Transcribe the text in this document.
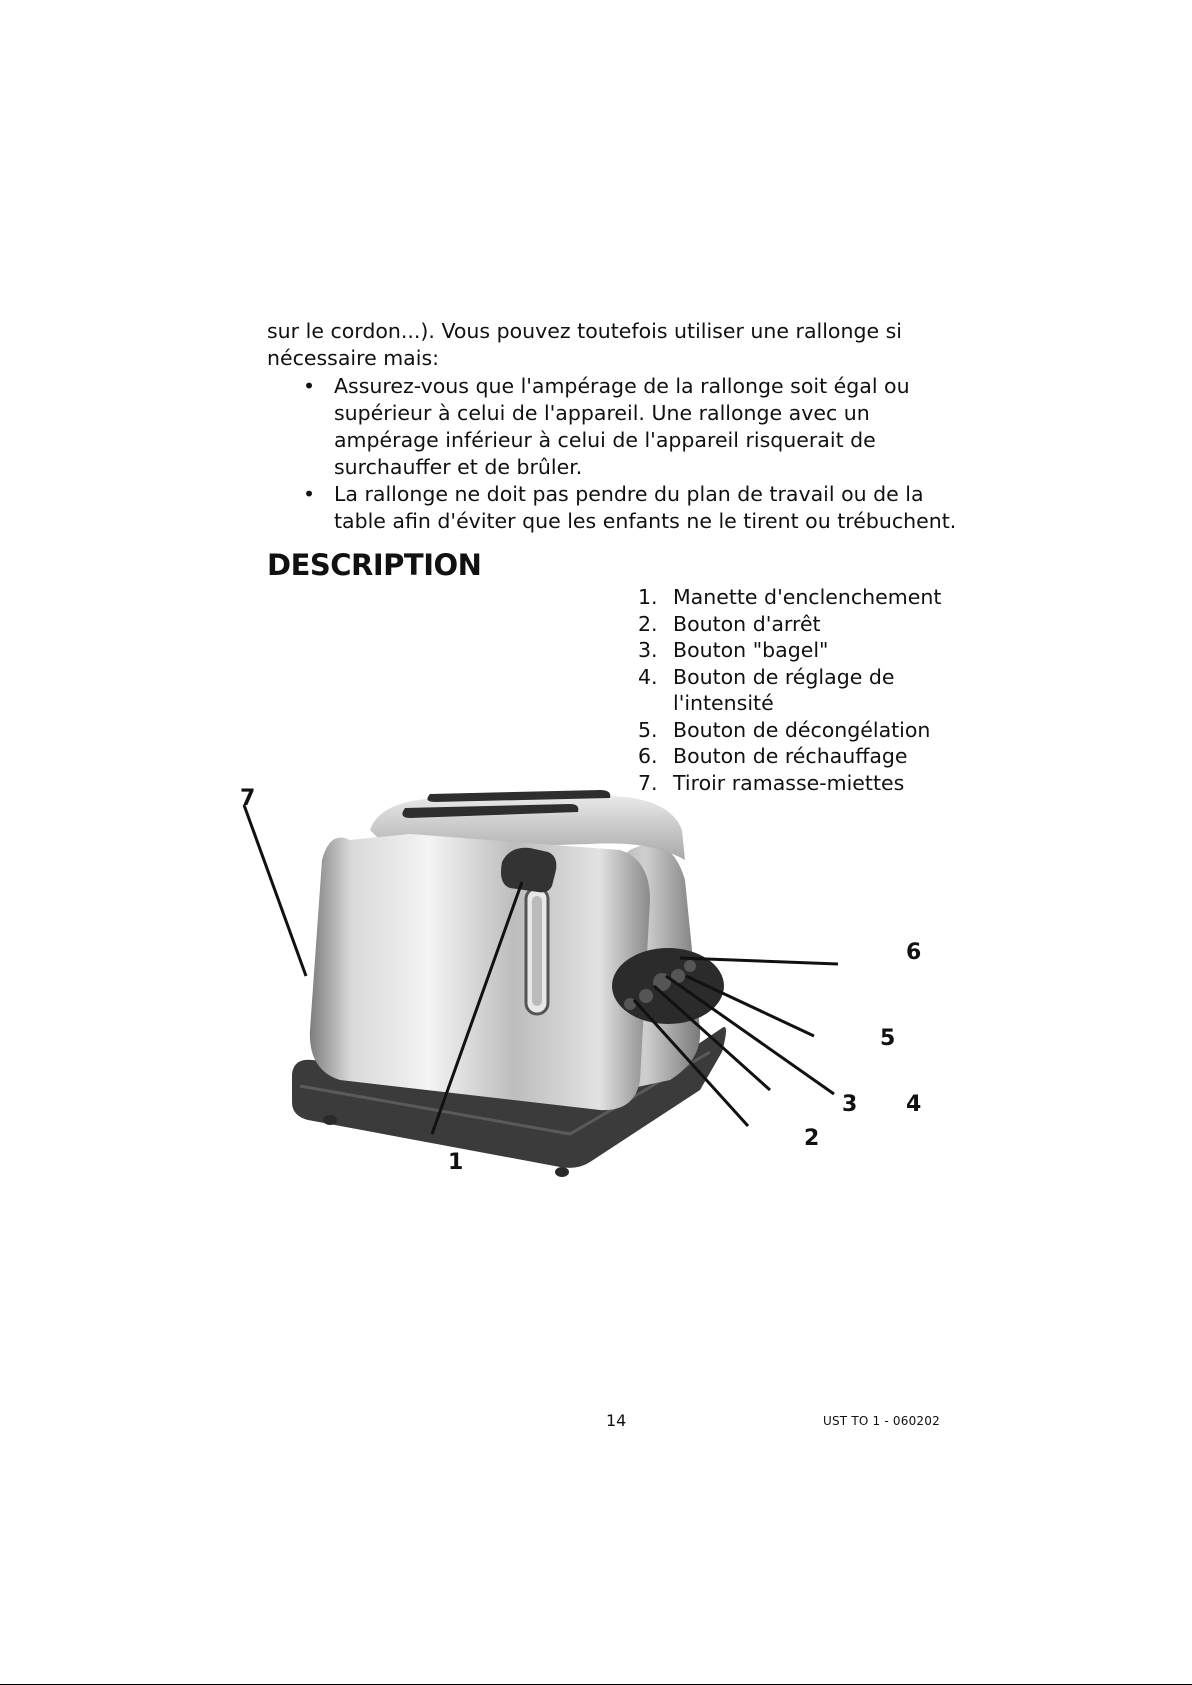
sur le cordon...). Vous pouvez toutefois utiliser une rallonge si nécessaire mais:

• Assurez-vous que l'ampérage de la rallonge soit égal ou supérieur à celui de l'appareil. Une rallonge avec un ampérage inférieur à celui de l'appareil risquerait de surchauffer et de brûler.
• La rallonge ne doit pas pendre du plan de travail ou de la table afin d'éviter que les enfants ne le tirent ou trébuchent.
DESCRIPTION
1. Manette d'enclenchement
2. Bouton d'arrêt
3. Bouton "bagel"
4. Bouton de réglage de l'intensité
5. Bouton de décongélation
6. Bouton de réchauffage
7. Tiroir ramasse-miettes
7
6
5
4
3
2
1
14	UST TO 1 - 060202
